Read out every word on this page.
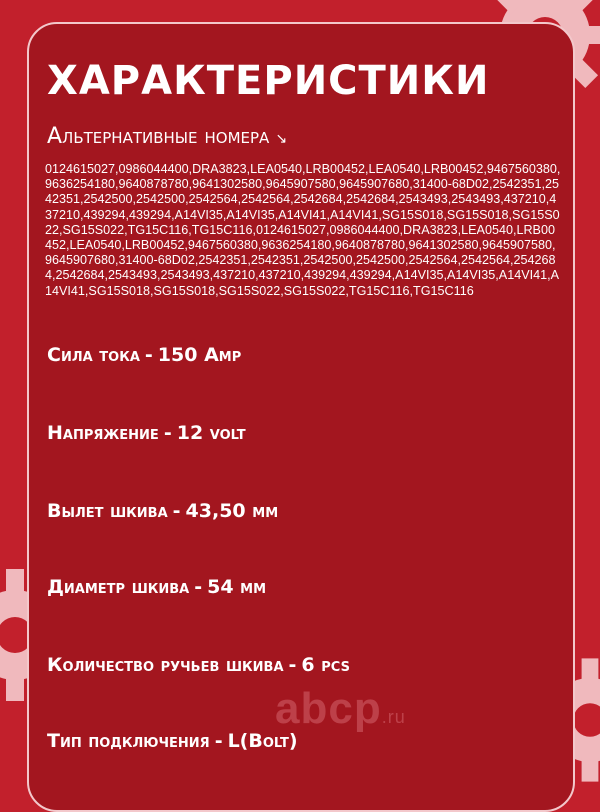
ХАРАКТЕРИСТИКИ
Альтернативные номера ↘
0124615027,0986044400,DRA3823,LEA0540,LRB00452,LEA0540,LRB00452,9467560380,9636254180,9640878780,9641302580,9645907580,9645907680,31400-68D02,2542351,2542351,2542500,2542500,2542564,2542564,2542684,2542684,2543493,2543493,437210,437210,439294,439294,A14VI35,A14VI35,A14VI41,A14VI41,SG15S018,SG15S018,SG15S022,SG15S022,TG15C116,TG15C116,0124615027,0986044400,DRA3823,LEA0540,LRB00452,LEA0540,LRB00452,9467560380,9636254180,9640878780,9641302580,9645907580,9645907680,31400-68D02,2542351,2542351,2542500,2542500,2542564,2542564,2542684,2542684,2543493,2543493,437210,437210,439294,439294,A14VI35,A14VI35,A14VI41,A14VI41,SG15S018,SG15S018,SG15S022,SG15S022,TG15C116,TG15C116
Сила тока - 150 Amp
Напряжение - 12 volt
Вылет шкива - 43,50 мм
Диаметр шкива - 54 мм
Количество ручьев шкива - 6 pcs
Тип подключения - L(Bolt)
abcp.ru
